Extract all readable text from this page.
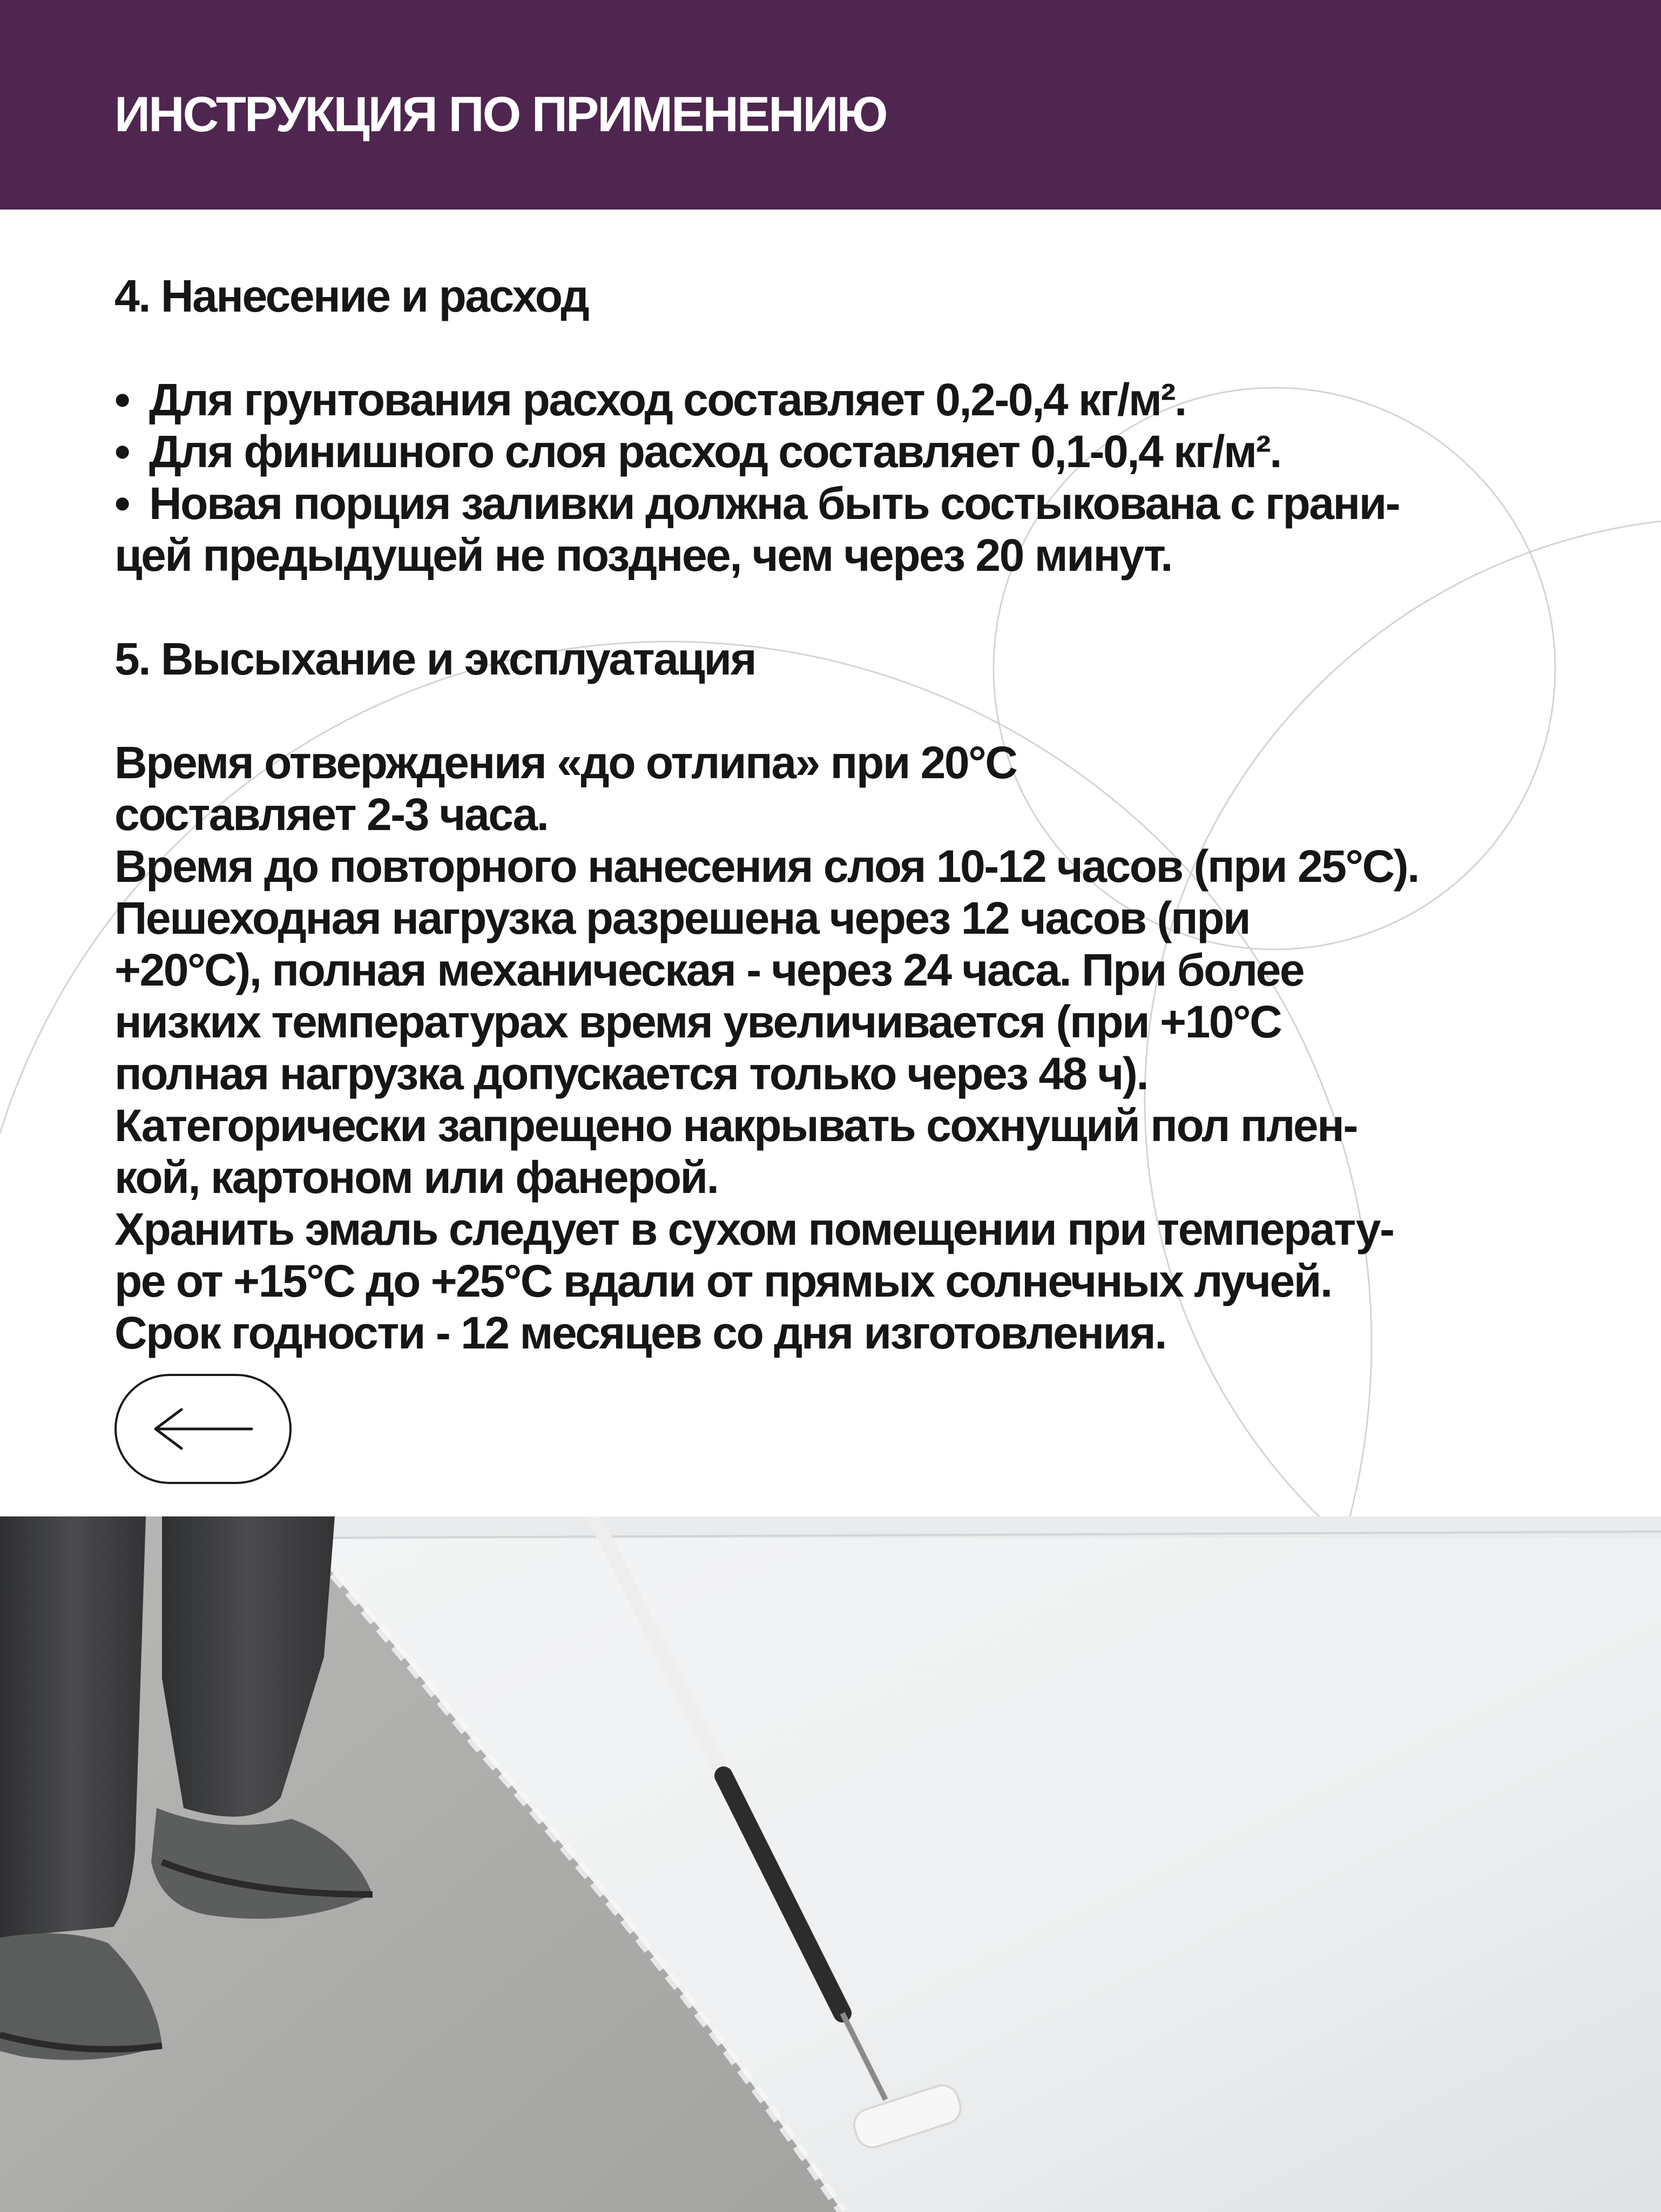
ИНСТРУКЦИЯ ПО ПРИМЕНЕНИЮ

4. Нанесение и расход

• Для грунтования расход составляет 0,2-0,4 кг/м².

• Для финишного слоя расход составляет 0,1-0,4 кг/м².

• Новая порция заливки должна быть состыкована с грани-

цей предыдущей не позднее, чем через 20 минут.

5. Высыхание и эксплуатация

Время отверждения «до отлипа» при 20°С

составляет 2-3 часа.

Время до повторного нанесения слоя 10-12 часов (при 25°С).

Пешеходная нагрузка разрешена через 12 часов (при

+20°С), полная механическая - через 24 часа. При более

низких температурах время увеличивается (при +10°С

полная нагрузка допускается только через 48 ч).

Категорически запрещено накрывать сохнущий пол плен-

кой, картоном или фанерой.

Хранить эмаль следует в сухом помещении при температу-

ре от +15°С до +25°С вдали от прямых солнечных лучей.

Срок годности - 12 месяцев со дня изготовления.
